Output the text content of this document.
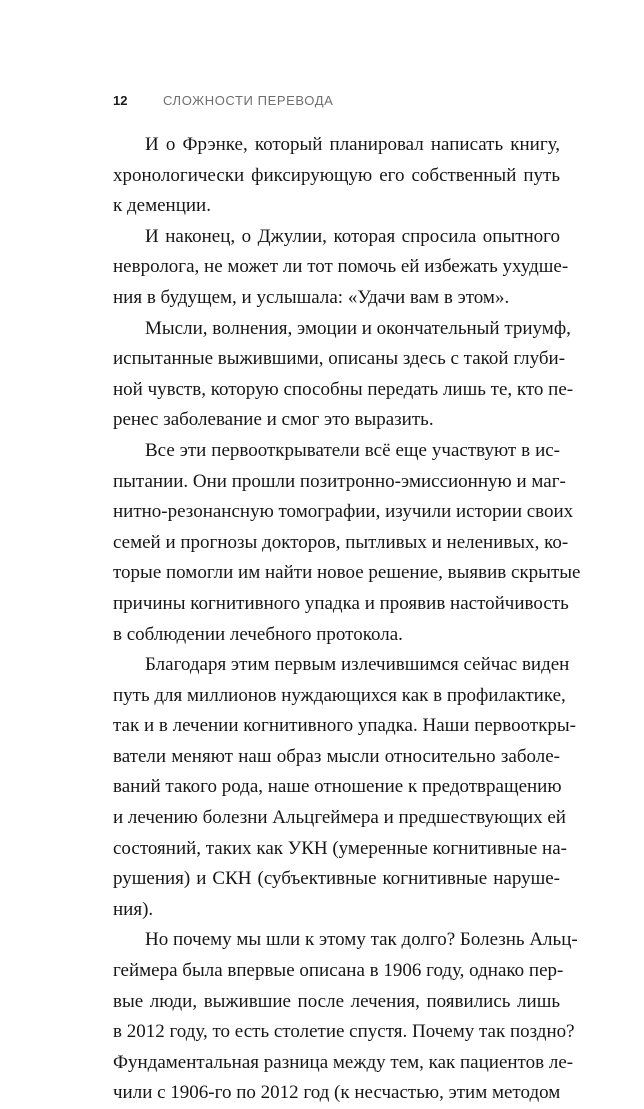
12	СЛОЖНОСТИ ПЕРЕВОДА
И о Фрэнке, который планировал написать книгу,
хронологически фиксирующую его собственный путь
к деменции.
И наконец, о Джулии, которая спросила опытного
невролога, не может ли тот помочь ей избежать ухудше-
ния в будущем, и услышала: «Удачи вам в этом».
Мысли, волнения, эмоции и окончательный триумф,
испытанные выжившими, описаны здесь с такой глуби-
ной чувств, которую способны передать лишь те, кто пе-
ренес заболевание и смог это выразить.
Все эти первооткрыватели всё еще участвуют в ис-
пытании. Они прошли позитронно-эмиссионную и маг-
нитно-резонансную томографии, изучили истории своих
семей и прогнозы докторов, пытливых и неленивых, ко-
торые помогли им найти новое решение, выявив скрытые
причины когнитивного упадка и проявив настойчивость
в соблюдении лечебного протокола.
Благодаря этим первым излечившимся сейчас виден
путь для миллионов нуждающихся как в профилактике,
так и в лечении когнитивного упадка. Наши первооткры-
ватели меняют наш образ мысли относительно заболе-
ваний такого рода, наше отношение к предотвращению
и лечению болезни Альцгеймера и предшествующих ей
состояний, таких как УКН (умеренные когнитивные на-
рушения) и СКН (субъективные когнитивные наруше-
ния).
Но почему мы шли к этому так долго? Болезнь Альц-
геймера была впервые описана в 1906 году, однако пер-
вые люди, выжившие после лечения, появились лишь
в 2012 году, то есть столетие спустя. Почему так поздно?
Фундаментальная разница между тем, как пациентов ле-
чили с 1906-го по 2012 год (к несчастью, этим методом
